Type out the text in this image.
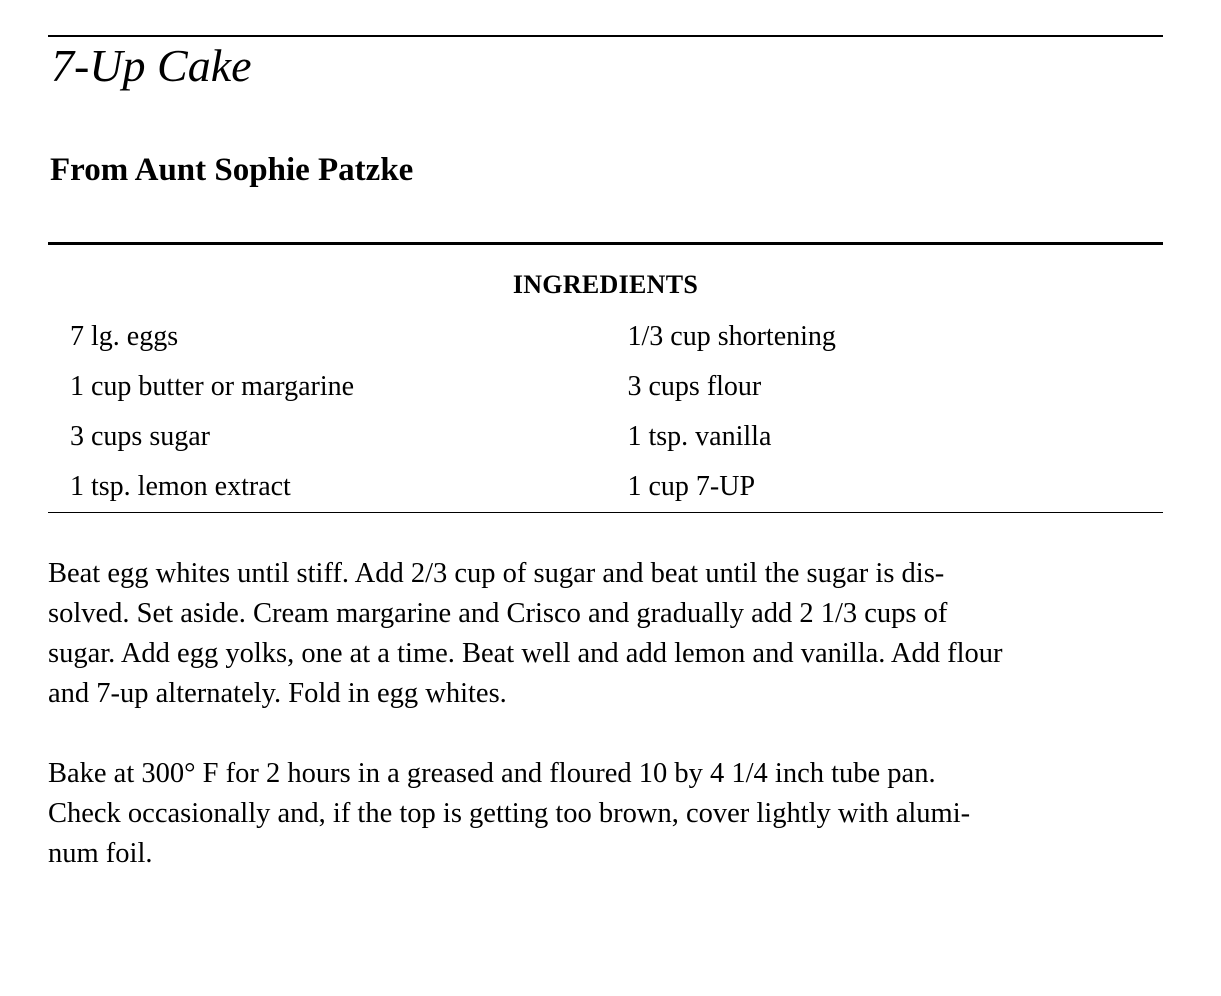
7-Up Cake
From Aunt Sophie Patzke
INGREDIENTS
7 lg. eggs
1 cup butter or margarine
3 cups sugar
1 tsp. lemon extract
1/3 cup shortening
3 cups flour
1 tsp. vanilla
1 cup 7-UP

Beat egg whites until stiff. Add 2/3 cup of sugar and beat until the sugar is dis-
solved. Set aside. Cream margarine and Crisco and gradually add 2 1/3 cups of
sugar. Add egg yolks, one at a time. Beat well and add lemon and vanilla. Add flour
and 7-up alternately. Fold in egg whites.

Bake at 300° F for 2 hours in a greased and floured 10 by 4 1/4 inch tube pan.
Check occasionally and, if the top is getting too brown, cover lightly with alumi-
num foil.
